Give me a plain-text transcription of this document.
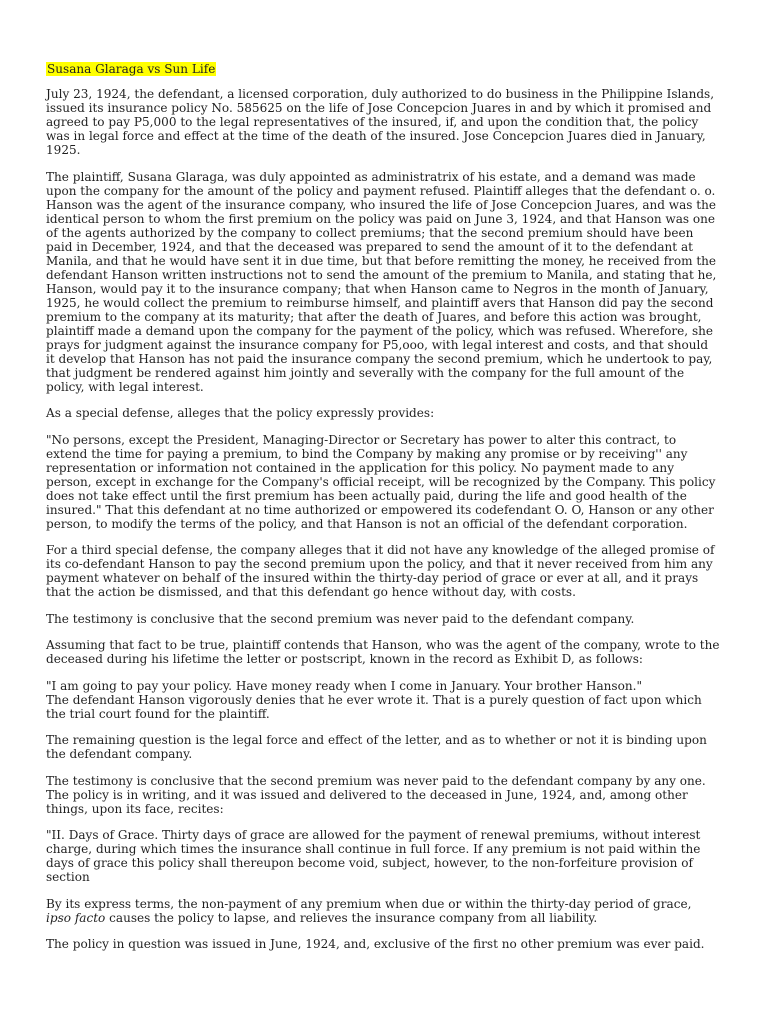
Susana Glaraga vs Sun Life

July 23, 1924, the defendant, a licensed corporation, duly authorized to do business in the Philippine Islands, issued its insurance policy No. 585625 on the life of Jose Concepcion Juares in and by which it promised and agreed to pay P5,000 to the legal representatives of the insured, if, and upon the condition that, the policy was in legal force and effect at the time of the death of the insured. Jose Concepcion Juares died in January, 1925.

The plaintiff, Susana Glaraga, was duly appointed as administratrix of his estate, and a demand was made upon the company for the amount of the policy and payment refused. Plaintiff alleges that the defendant o. o. Hanson was the agent of the insurance company, who insured the life of Jose Concepcion Juares, and was the identical person to whom the first premium on the policy was paid on June 3, 1924, and that Hanson was one of the agents authorized by the company to collect premiums; that the second premium should have been paid in December, 1924, and that the deceased was prepared to send the amount of it to the defendant at Manila, and that he would have sent it in due time, but that before remitting the money, he received from the defendant Hanson written instructions not to send the amount of the premium to Manila, and stating that he, Hanson, would pay it to the insurance company; that when Hanson came to Negros in the month of January, 1925, he would collect the premium to reimburse himself, and plaintiff avers that Hanson did pay the second premium to the company at its maturity; that after the death of Juares, and before this action was brought, plaintiff made a demand upon the company for the payment of the policy, which was refused. Wherefore, she prays for judgment against the insurance company for P5,ooo, with legal interest and costs, and that should it develop that Hanson has not paid the insurance company the second premium, which he undertook to pay, that judgment be rendered against him jointly and severally with the company for the full amount of the policy, with legal interest.

As a special defense, alleges that the policy expressly provides:

"No persons, except the President, Managing-Director or Secretary has power to alter this contract, to extend the time for paying a premium, to bind the Company by making any promise or by receiving'' any representation or information not contained in the application for this policy. No payment made to any person, except in exchange for the Company's official receipt, will be recognized by the Company. This policy does not take effect until the first premium has been actually paid, during the life and good health of the insured." That this defendant at no time authorized or empowered its codefendant O. O, Hanson or any other person, to modify the terms of the policy, and that Hanson is not an official of the defendant corporation.

For a third special defense, the company alleges that it did not have any knowledge of the alleged promise of its co-defendant Hanson to pay the second premium upon the policy, and that it never received from him any payment whatever on behalf of the insured within the thirty-day period of grace or ever at all, and it prays that the action be dismissed, and that this defendant go hence without day, with costs.

The testimony is conclusive that the second premium was never paid to the defendant company.

Assuming that fact to be true, plaintiff contends that Hanson, who was the agent of the company, wrote to the deceased during his lifetime the letter or postscript, known in the record as Exhibit D, as follows:

"I am going to pay your policy. Have money ready when I come in January. Your brother Hanson."

The defendant Hanson vigorously denies that he ever wrote it. That is a purely question of fact upon which the trial court found for the plaintiff.

The remaining question is the legal force and effect of the letter, and as to whether or not it is binding upon the defendant company.

The testimony is conclusive that the second premium was never paid to the defendant company by any one. The policy is in writing, and it was issued and delivered to the deceased in June, 1924, and, among other things, upon its face, recites:

"II. Days of Grace. Thirty days of grace are allowed for the payment of renewal premiums, without interest charge, during which times the insurance shall continue in full force. If any premium is not paid within the days of grace this policy shall thereupon become void, subject, however, to the non-forfeiture provision of section

By its express terms, the non-payment of any premium when due or within the thirty-day period of grace, ipso facto causes the policy to lapse, and relieves the insurance company from all liability.

The policy in question was issued in June, 1924, and, exclusive of the first no other premium was ever paid.
